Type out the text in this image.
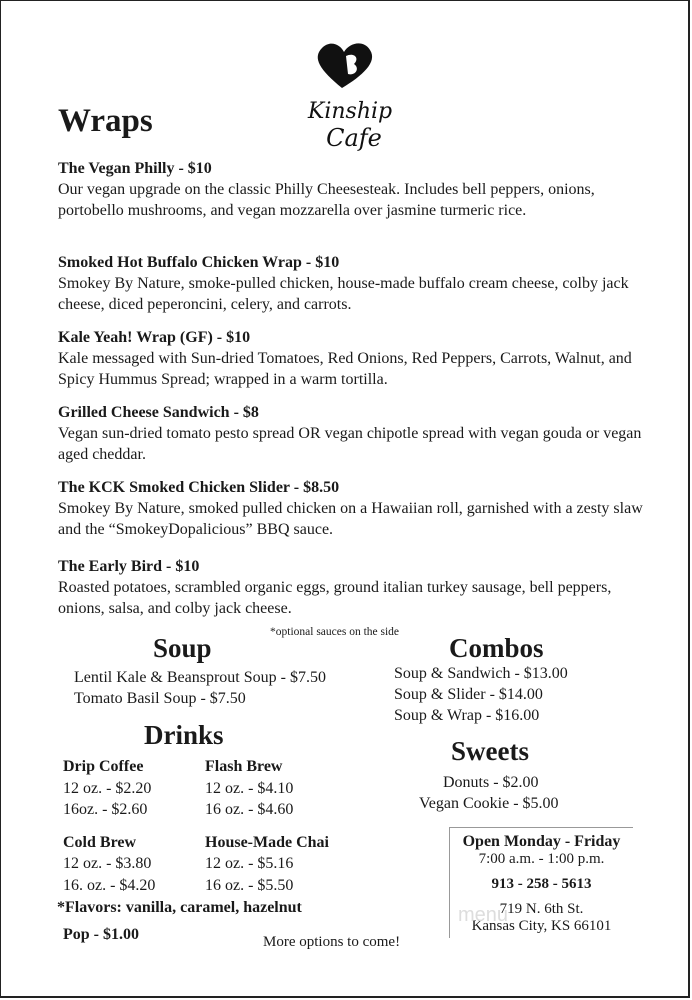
Kinship
Cafe
Wraps
The Vegan Philly - $10
Our vegan upgrade on the classic Philly Cheesesteak. Includes bell peppers, onions, portobello mushrooms, and vegan mozzarella over jasmine turmeric rice.
Smoked Hot Buffalo Chicken Wrap - $10
Smokey By Nature, smoke-pulled chicken, house-made buffalo cream cheese, colby jack cheese, diced peperoncini, celery, and carrots.
Kale Yeah! Wrap (GF) - $10
Kale messaged with Sun-dried Tomatoes, Red Onions, Red Peppers, Carrots, Walnut, and Spicy Hummus Spread; wrapped in a warm tortilla.
Grilled Cheese Sandwich - $8
Vegan sun-dried tomato pesto spread OR vegan chipotle spread with vegan gouda or vegan aged cheddar.
The KCK Smoked Chicken Slider - $8.50
Smokey By Nature, smoked pulled chicken on a Hawaiian roll, garnished with a zesty slaw and the “SmokeyDopalicious” BBQ sauce.
The Early Bird - $10
Roasted potatoes, scrambled organic eggs, ground italian turkey sausage, bell peppers, onions, salsa, and colby jack cheese.
*optional sauces on the side
Soup
Lentil Kale & Beansprout Soup - $7.50
Tomato Basil Soup - $7.50
Combos
Soup & Sandwich - $13.00
Soup & Slider - $14.00
Soup & Wrap - $16.00
Drinks
Drip Coffee
12 oz. - $2.20
16oz. - $2.60
Flash Brew
12 oz. - $4.10
16 oz. - $4.60
Cold Brew
12 oz. - $3.80
16. oz. - $4.20
House-Made Chai
12 oz. - $5.16
16 oz. - $5.50
*Flavors: vanilla, caramel, hazelnut
Pop - $1.00
Sweets
Donuts - $2.00
Vegan Cookie - $5.00
Open Monday - Friday
7:00 a.m. - 1:00 p.m.
913 - 258 - 5613
719 N. 6th St.
Kansas City, KS 66101
menu
More options to come!
